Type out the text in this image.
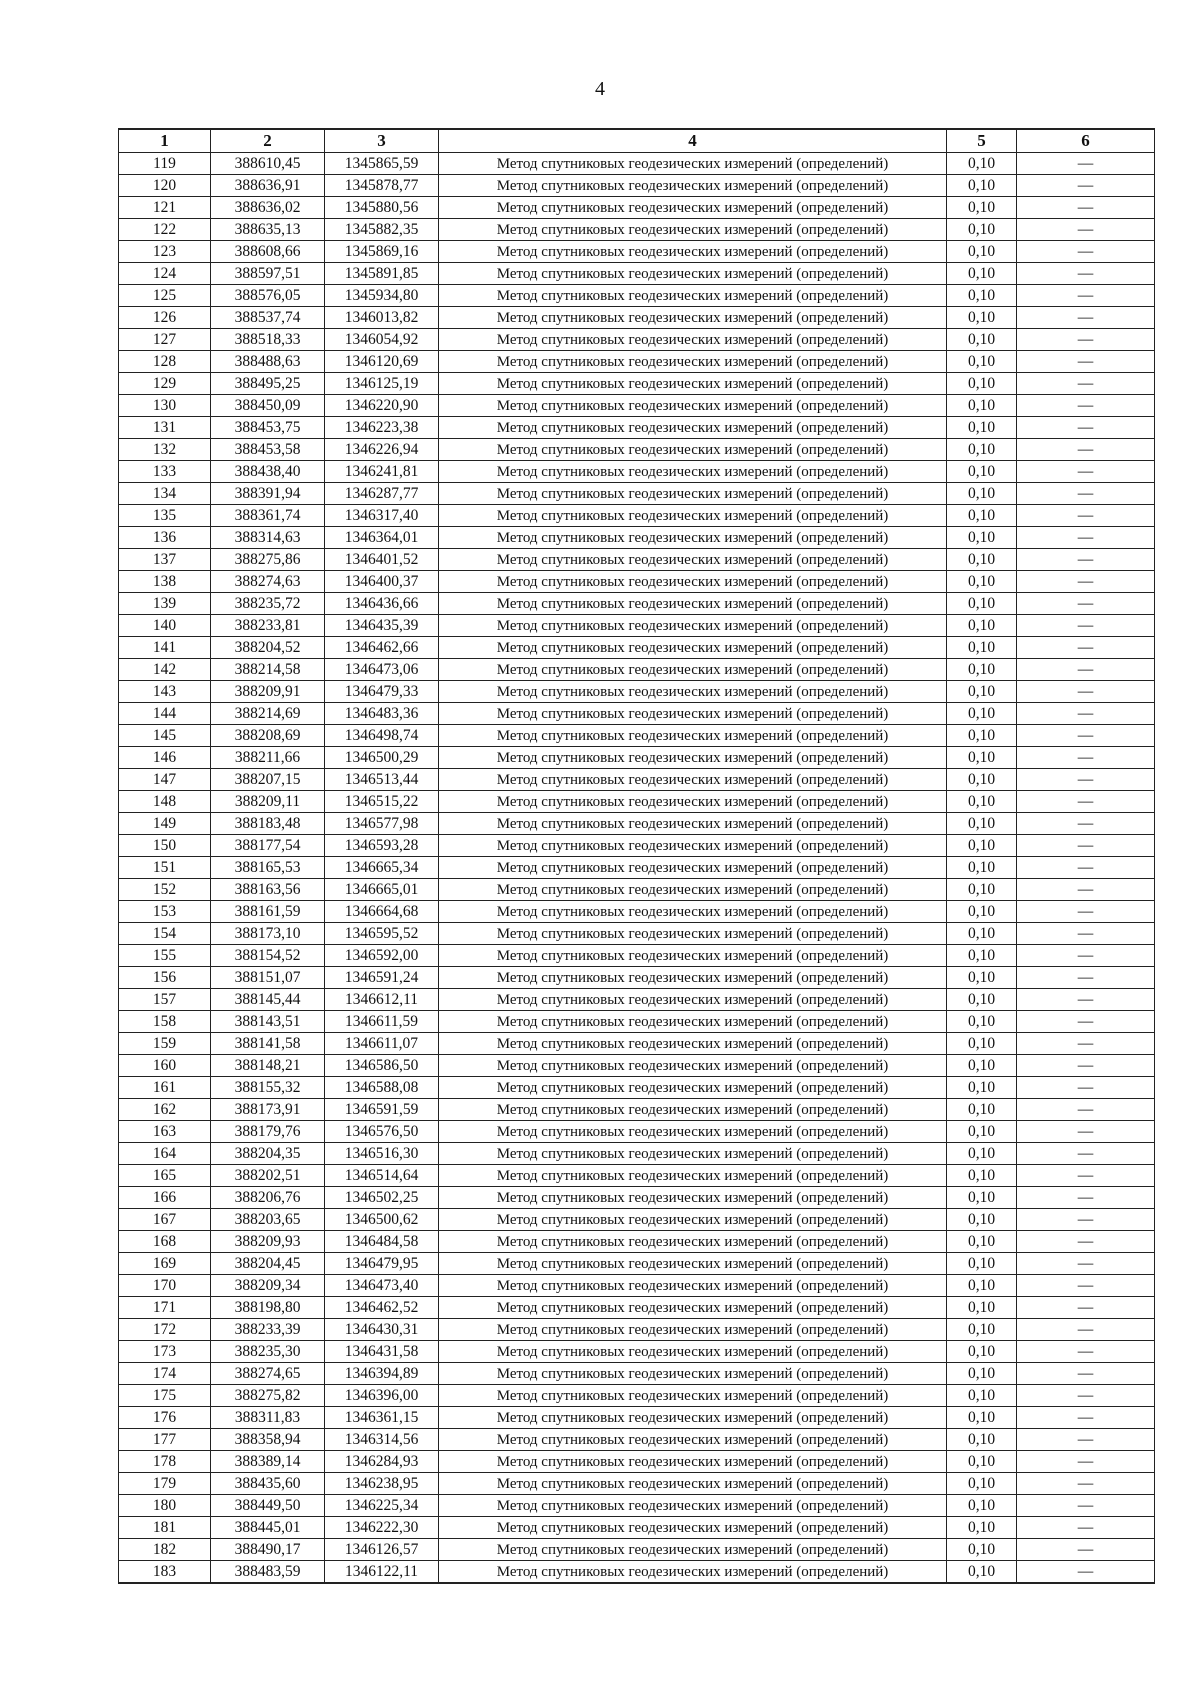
4
1	2	3	4	5	6
119	388610,45	1345865,59	Метод спутниковых геодезических измерений (определений)	0,10	—
120	388636,91	1345878,77	Метод спутниковых геодезических измерений (определений)	0,10	—
121	388636,02	1345880,56	Метод спутниковых геодезических измерений (определений)	0,10	—
122	388635,13	1345882,35	Метод спутниковых геодезических измерений (определений)	0,10	—
123	388608,66	1345869,16	Метод спутниковых геодезических измерений (определений)	0,10	—
124	388597,51	1345891,85	Метод спутниковых геодезических измерений (определений)	0,10	—
125	388576,05	1345934,80	Метод спутниковых геодезических измерений (определений)	0,10	—
126	388537,74	1346013,82	Метод спутниковых геодезических измерений (определений)	0,10	—
127	388518,33	1346054,92	Метод спутниковых геодезических измерений (определений)	0,10	—
128	388488,63	1346120,69	Метод спутниковых геодезических измерений (определений)	0,10	—
129	388495,25	1346125,19	Метод спутниковых геодезических измерений (определений)	0,10	—
130	388450,09	1346220,90	Метод спутниковых геодезических измерений (определений)	0,10	—
131	388453,75	1346223,38	Метод спутниковых геодезических измерений (определений)	0,10	—
132	388453,58	1346226,94	Метод спутниковых геодезических измерений (определений)	0,10	—
133	388438,40	1346241,81	Метод спутниковых геодезических измерений (определений)	0,10	—
134	388391,94	1346287,77	Метод спутниковых геодезических измерений (определений)	0,10	—
135	388361,74	1346317,40	Метод спутниковых геодезических измерений (определений)	0,10	—
136	388314,63	1346364,01	Метод спутниковых геодезических измерений (определений)	0,10	—
137	388275,86	1346401,52	Метод спутниковых геодезических измерений (определений)	0,10	—
138	388274,63	1346400,37	Метод спутниковых геодезических измерений (определений)	0,10	—
139	388235,72	1346436,66	Метод спутниковых геодезических измерений (определений)	0,10	—
140	388233,81	1346435,39	Метод спутниковых геодезических измерений (определений)	0,10	—
141	388204,52	1346462,66	Метод спутниковых геодезических измерений (определений)	0,10	—
142	388214,58	1346473,06	Метод спутниковых геодезических измерений (определений)	0,10	—
143	388209,91	1346479,33	Метод спутниковых геодезических измерений (определений)	0,10	—
144	388214,69	1346483,36	Метод спутниковых геодезических измерений (определений)	0,10	—
145	388208,69	1346498,74	Метод спутниковых геодезических измерений (определений)	0,10	—
146	388211,66	1346500,29	Метод спутниковых геодезических измерений (определений)	0,10	—
147	388207,15	1346513,44	Метод спутниковых геодезических измерений (определений)	0,10	—
148	388209,11	1346515,22	Метод спутниковых геодезических измерений (определений)	0,10	—
149	388183,48	1346577,98	Метод спутниковых геодезических измерений (определений)	0,10	—
150	388177,54	1346593,28	Метод спутниковых геодезических измерений (определений)	0,10	—
151	388165,53	1346665,34	Метод спутниковых геодезических измерений (определений)	0,10	—
152	388163,56	1346665,01	Метод спутниковых геодезических измерений (определений)	0,10	—
153	388161,59	1346664,68	Метод спутниковых геодезических измерений (определений)	0,10	—
154	388173,10	1346595,52	Метод спутниковых геодезических измерений (определений)	0,10	—
155	388154,52	1346592,00	Метод спутниковых геодезических измерений (определений)	0,10	—
156	388151,07	1346591,24	Метод спутниковых геодезических измерений (определений)	0,10	—
157	388145,44	1346612,11	Метод спутниковых геодезических измерений (определений)	0,10	—
158	388143,51	1346611,59	Метод спутниковых геодезических измерений (определений)	0,10	—
159	388141,58	1346611,07	Метод спутниковых геодезических измерений (определений)	0,10	—
160	388148,21	1346586,50	Метод спутниковых геодезических измерений (определений)	0,10	—
161	388155,32	1346588,08	Метод спутниковых геодезических измерений (определений)	0,10	—
162	388173,91	1346591,59	Метод спутниковых геодезических измерений (определений)	0,10	—
163	388179,76	1346576,50	Метод спутниковых геодезических измерений (определений)	0,10	—
164	388204,35	1346516,30	Метод спутниковых геодезических измерений (определений)	0,10	—
165	388202,51	1346514,64	Метод спутниковых геодезических измерений (определений)	0,10	—
166	388206,76	1346502,25	Метод спутниковых геодезических измерений (определений)	0,10	—
167	388203,65	1346500,62	Метод спутниковых геодезических измерений (определений)	0,10	—
168	388209,93	1346484,58	Метод спутниковых геодезических измерений (определений)	0,10	—
169	388204,45	1346479,95	Метод спутниковых геодезических измерений (определений)	0,10	—
170	388209,34	1346473,40	Метод спутниковых геодезических измерений (определений)	0,10	—
171	388198,80	1346462,52	Метод спутниковых геодезических измерений (определений)	0,10	—
172	388233,39	1346430,31	Метод спутниковых геодезических измерений (определений)	0,10	—
173	388235,30	1346431,58	Метод спутниковых геодезических измерений (определений)	0,10	—
174	388274,65	1346394,89	Метод спутниковых геодезических измерений (определений)	0,10	—
175	388275,82	1346396,00	Метод спутниковых геодезических измерений (определений)	0,10	—
176	388311,83	1346361,15	Метод спутниковых геодезических измерений (определений)	0,10	—
177	388358,94	1346314,56	Метод спутниковых геодезических измерений (определений)	0,10	—
178	388389,14	1346284,93	Метод спутниковых геодезических измерений (определений)	0,10	—
179	388435,60	1346238,95	Метод спутниковых геодезических измерений (определений)	0,10	—
180	388449,50	1346225,34	Метод спутниковых геодезических измерений (определений)	0,10	—
181	388445,01	1346222,30	Метод спутниковых геодезических измерений (определений)	0,10	—
182	388490,17	1346126,57	Метод спутниковых геодезических измерений (определений)	0,10	—
183	388483,59	1346122,11	Метод спутниковых геодезических измерений (определений)	0,10	—
